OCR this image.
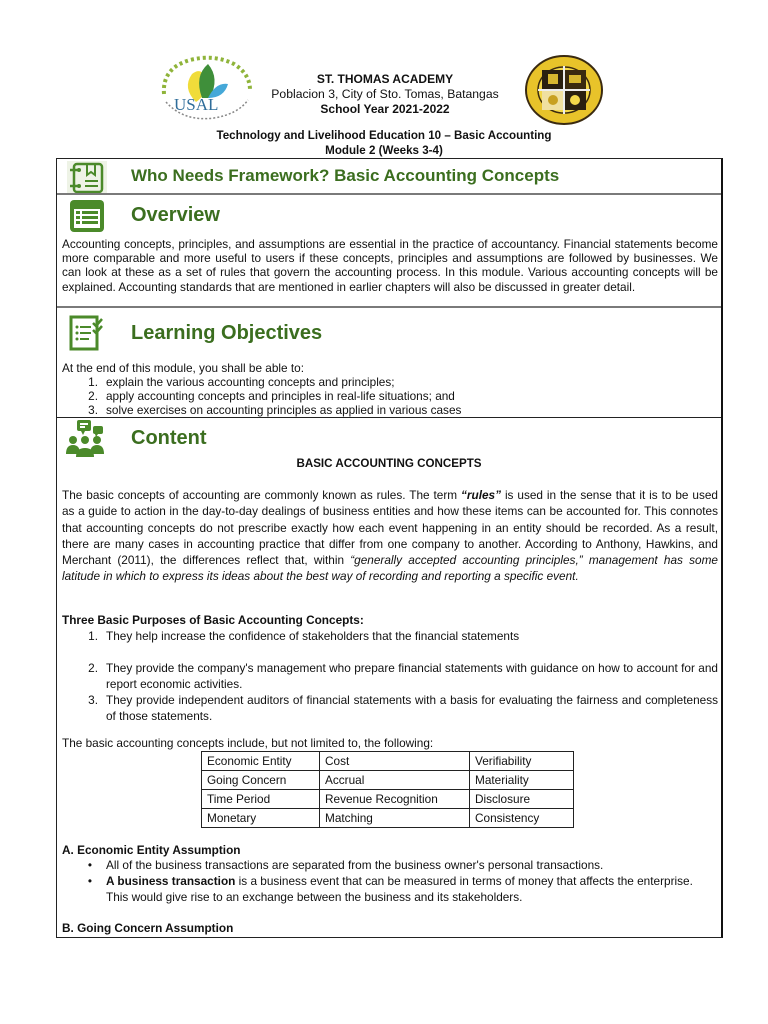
USAL
ST. THOMAS ACADEMY
Poblacion 3, City of Sto. Tomas, Batangas
School Year 2021-2022
Technology and Livelihood Education 10 – Basic Accounting
Module 2 (Weeks 3-4)
Who Needs Framework? Basic Accounting Concepts
Overview
Accounting concepts, principles, and assumptions are essential in the practice of accountancy. Financial statements become more comparable and more useful to users if these concepts, principles and assumptions are followed by businesses. We can look at these as a set of rules that govern the accounting process. In this module. Various accounting concepts will be explained. Accounting standards that are mentioned in earlier chapters will also be discussed in greater detail.
Learning Objectives
At the end of this module, you shall be able to:
1. explain the various accounting concepts and principles;
2. apply accounting concepts and principles in real-life situations; and
3. solve exercises on accounting principles as applied in various cases
Content
BASIC ACCOUNTING CONCEPTS
The basic concepts of accounting are commonly known as rules. The term “rules” is used in the sense that it is to be used as a guide to action in the day-to-day dealings of business entities and how these items can be accounted for. This connotes that accounting concepts do not prescribe exactly how each event happening in an entity should be recorded. As a result, there are many cases in accounting practice that differ from one company to another. According to Anthony, Hawkins, and Merchant (2011), the differences reflect that, within “generally accepted accounting principles,” management has some latitude in which to express its ideas about the best way of recording and reporting a specific event.
Three Basic Purposes of Basic Accounting Concepts:
1. They help increase the confidence of stakeholders that the financial statements
2. They provide the company's management who prepare financial statements with guidance on how to account for and report economic activities.
3. They provide independent auditors of financial statements with a basis for evaluating the fairness and completeness of those statements.
The basic accounting concepts include, but not limited to, the following:
Economic Entity	Cost	Verifiability
Going Concern	Accrual	Materiality
Time Period	Revenue Recognition	Disclosure
Monetary	Matching	Consistency
A. Economic Entity Assumption
•	All of the business transactions are separated from the business owner's personal transactions.
•	A business transaction is a business event that can be measured in terms of money that affects the enterprise. This would give rise to an exchange between the business and its stakeholders.
B. Going Concern Assumption
